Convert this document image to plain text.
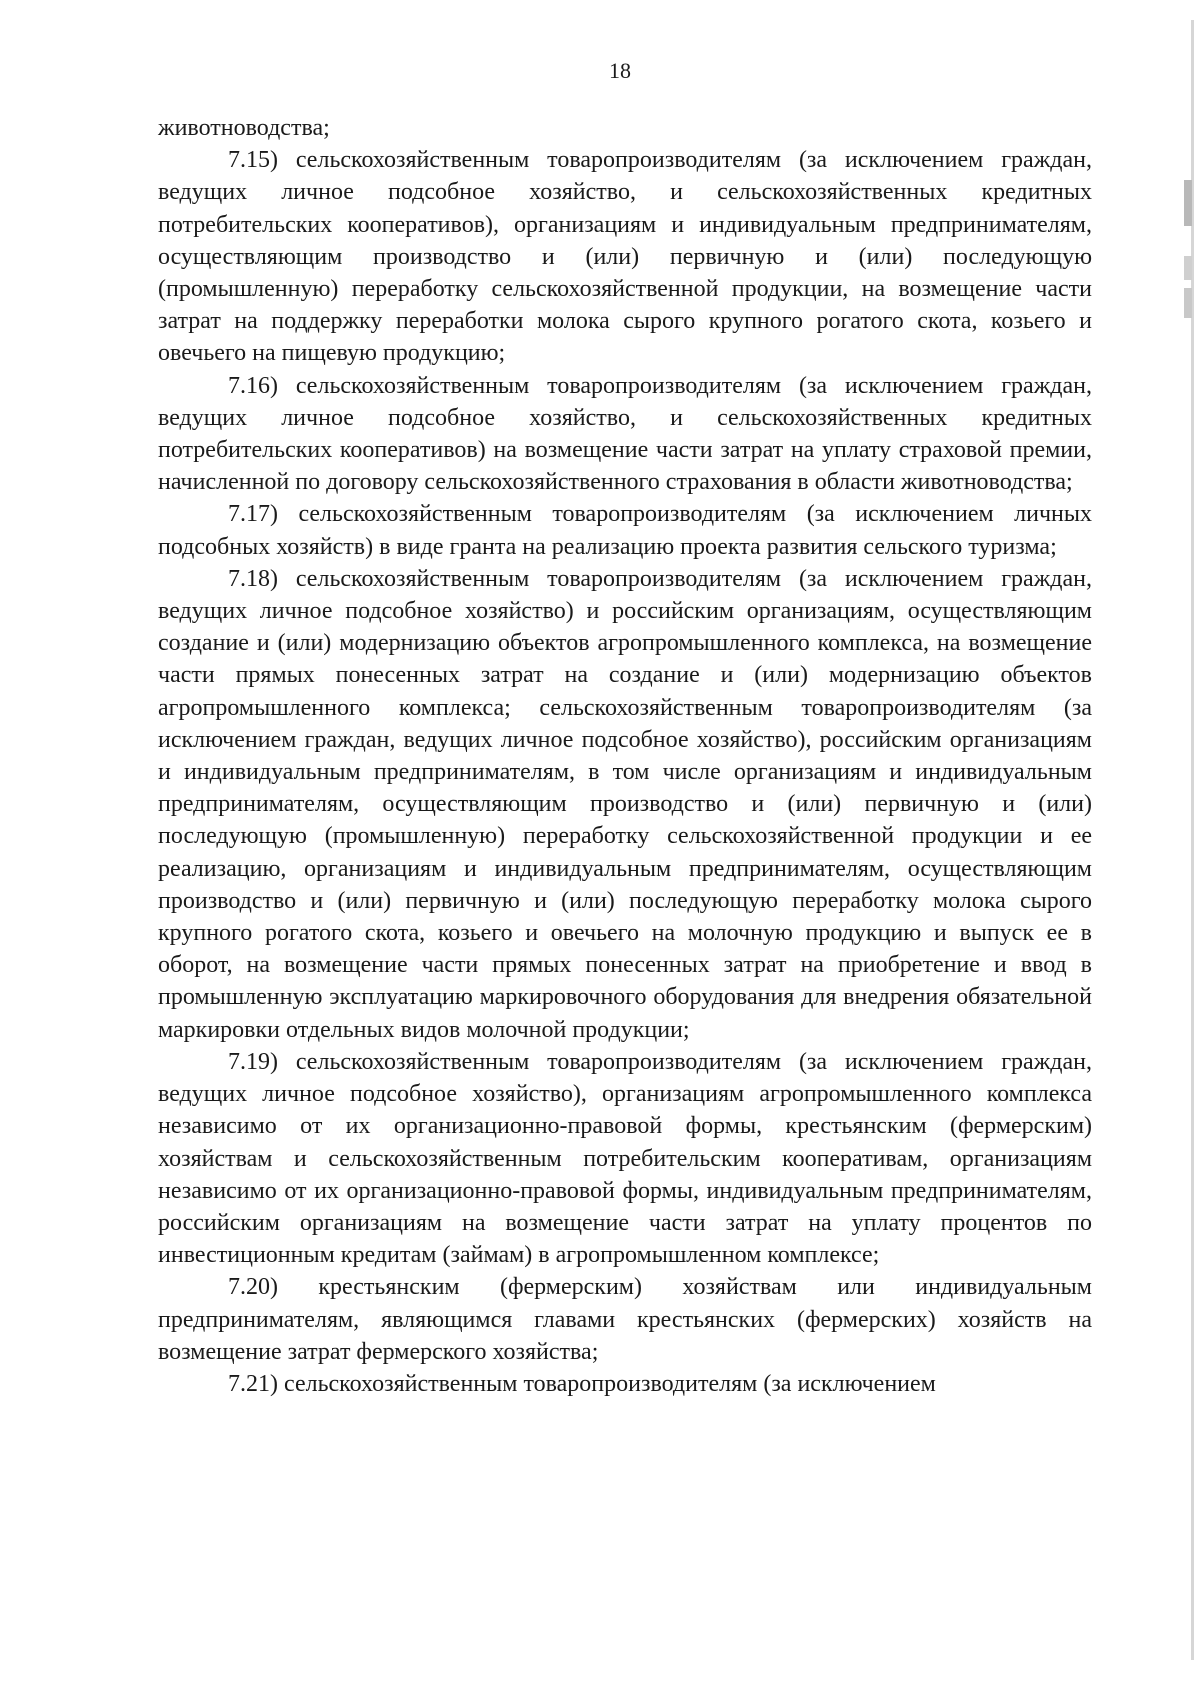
18

животноводства;

7.15) сельскохозяйственным товаропроизводителям (за исключением граждан, ведущих личное подсобное хозяйство, и сельскохозяйственных кредитных потребительских кооперативов), организациям и индивидуальным предпринимателям, осуществляющим производство и (или) первичную и (или) последующую (промышленную) переработку сельскохозяйственной продукции, на возмещение части затрат на поддержку переработки молока сырого крупного рогатого скота, козьего и овечьего на пищевую продукцию;

7.16) сельскохозяйственным товаропроизводителям (за исключением граждан, ведущих личное подсобное хозяйство, и сельскохозяйственных кредитных потребительских кооперативов) на возмещение части затрат на уплату страховой премии, начисленной по договору сельскохозяйственного страхования в области животноводства;

7.17) сельскохозяйственным товаропроизводителям (за исключением личных подсобных хозяйств) в виде гранта на реализацию проекта развития сельского туризма;

7.18) сельскохозяйственным товаропроизводителям (за исключением граждан, ведущих личное подсобное хозяйство) и российским организациям, осуществляющим создание и (или) модернизацию объектов агропромышленного комплекса, на возмещение части прямых понесенных затрат на создание и (или) модернизацию объектов агропромышленного комплекса; сельскохозяйственным товаропроизводителям (за исключением граждан, ведущих личное подсобное хозяйство), российским организациям и индивидуальным предпринимателям, в том числе организациям и индивидуальным предпринимателям, осуществляющим производство и (или) первичную и (или) последующую (промышленную) переработку сельскохозяйственной продукции и ее реализацию, организациям и индивидуальным предпринимателям, осуществляющим производство и (или) первичную и (или) последующую переработку молока сырого крупного рогатого скота, козьего и овечьего на молочную продукцию и выпуск ее в оборот, на возмещение части прямых понесенных затрат на приобретение и ввод в промышленную эксплуатацию маркировочного оборудования для внедрения обязательной маркировки отдельных видов молочной продукции;

7.19) сельскохозяйственным товаропроизводителям (за исключением граждан, ведущих личное подсобное хозяйство), организациям агропромышленного комплекса независимо от их организационно-правовой формы, крестьянским (фермерским) хозяйствам и сельскохозяйственным потребительским кооперативам, организациям независимо от их организационно-правовой формы, индивидуальным предпринимателям, российским организациям на возмещение части затрат на уплату процентов по инвестиционным кредитам (займам) в агропромышленном комплексе;

7.20) крестьянским (фермерским) хозяйствам или индивидуальным предпринимателям, являющимся главами крестьянских (фермерских) хозяйств на возмещение затрат фермерского хозяйства;

7.21) сельскохозяйственным товаропроизводителям (за исключением
